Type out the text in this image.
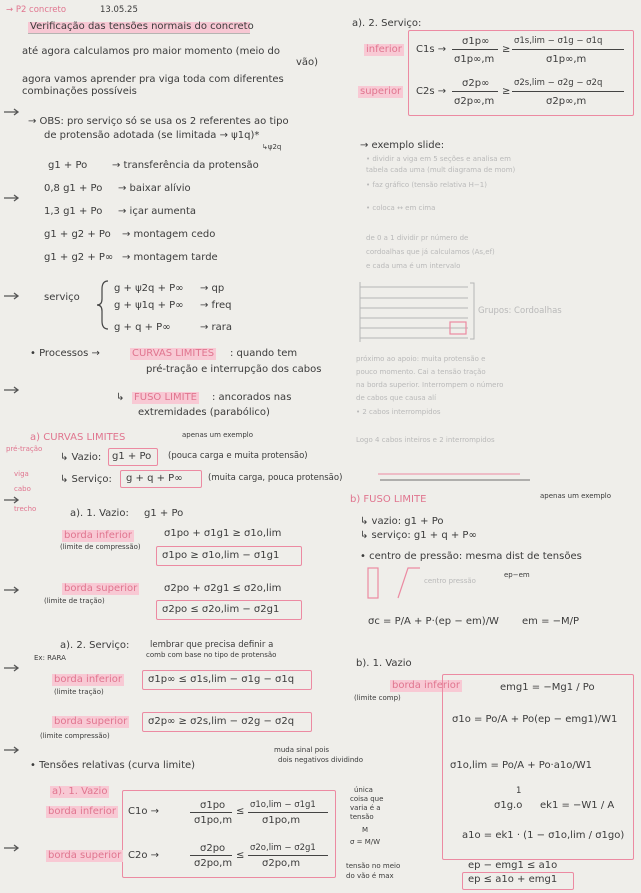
→ P2 concreto	13.05.25
Verificação das tensões normais do concreto
até agora calculamos pro maior momento (meio do
vão)
agora vamos aprender pra viga toda com diferentes
combinações possíveis
→ OBS: pro serviço só se usa os 2 referentes ao tipo
de protensão adotada (se limitada → ψ1q)*
↳ψ2q
g1 + Po → transferência da protensão
0,8 g1 + Po → baixar alívio
1,3 g1 + Po → içar aumenta
g1 + g2 + Po → montagem cedo
g1 + g2 + P∞ → montagem tarde
serviço
g + ψ2q + P∞ → qp
g + ψ1q + P∞ → freq
g + q + P∞	→ rara
• Processos →	CURVAS LIMITES : quando tem
pré-tração e interrupção dos cabos
↳ FUSO LIMITE : ancorados nas
extremidades (parabólico)
pré-tração
viga
cabo
trecho
a) CURVAS LIMITES	apenas um exemplo
↳ Vazio: g1 + Po (pouca carga e muita protensão)
↳ Serviço: g + q + P∞	(muita carga, pouca protensão)
a). 1. Vazio: g1 + Po
borda inferior
(limite de compressão)
σ1po + σ1g1 ≥ σ1o,lim
σ1po ≥ σ1o,lim − σ1g1
borda superior
(limite de tração)
σ2po + σ2g1 ≤ σ2o,lim
σ2po ≤ σ2o,lim − σ2g1
a). 2. Serviço: lembrar que precisa definir a
comb com base no tipo de protensão
Ex: RARA
borda inferior
(limite tração)
σ1p∞ ≤ σ1s,lim − σ1g − σ1q
borda superior
(limite compressão)
σ2p∞ ≥ σ2s,lim − σ2g − σ2q
• Tensões relativas (curva limite)
muda sinal pois
dois negativos dividindo
a). 1. Vazio
borda inferior C1o →
σ1po
σ1po,m
≤
σ1o,lim − σ1g1
σ1po,m
borda superior C2o →
σ2po
σ2po,m
≤
σ2o,lim − σ2g1
σ2po,m
única
coisa que
varia é a
tensão
M
σ = M/W
tensão no meio
do vão é max
a). 2. Serviço:
inferior C1s →
σ1p∞
σ1p∞,m
≥
σ1s,lim − σ1g − σ1q
σ1p∞,m
superior C2s →
σ2p∞
σ2p∞,m
≥
σ2s,lim − σ2g − σ2q
σ2p∞,m
→ exemplo slide:
• dividir a viga em 5 seções e analisa em
tabela cada uma (mult diagrama de mom)
• faz gráfico (tensão relativa H−1)
• coloca ↔ em cima
de 0 a 1 dividir pr número de
cordoalhas que já calculamos (As,ef)
e cada uma é um intervalo
Grupos: Cordoalhas
próximo ao apoio: muita protensão e
pouco momento. Cai a tensão tração
na borda superior. Interrompem o número
de cabos que causa alí
• 2 cabos interrompidos
Logo 4 cabos inteiros e 2 interrompidos
b) FUSO LIMITE	apenas um exemplo
↳ vazio: g1 + Po
↳ serviço: g1 + q + P∞
• centro de pressão: mesma dist de tensões
centro pressão
ep−em
σc = P/A + P·(ep − em)/W em = −M/P
b). 1. Vazio
borda inferior
(limite comp)
emg1 = −Mg1 / Po
σ1o = Po/A + Po(ep − emg1)/W1
σ1o,lim = Po/A + Po·a1o/W1
1
σ1g.o ek1 = −W1 / A
a1o = ek1 · (1 − σ1o,lim / σ1go)
ep − emg1 ≤ a1o
ep ≤ a1o + emg1
